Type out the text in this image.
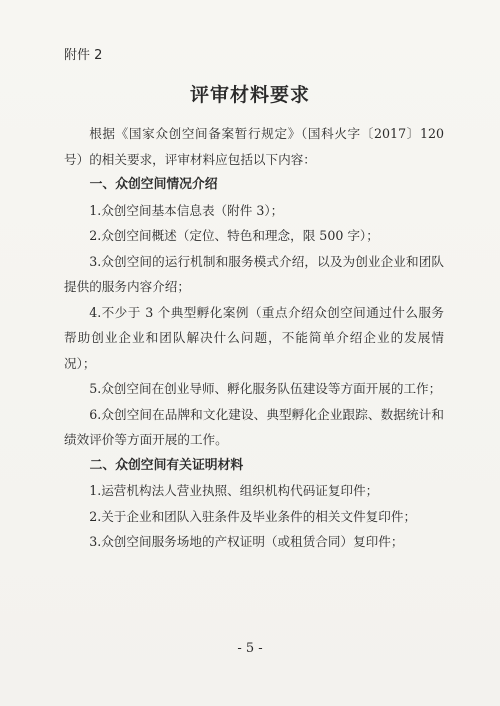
附件 2
评审材料要求

根据《国家众创空间备案暂行规定》（国科火字〔2017〕120 号）的相关要求，评审材料应包括以下内容：

一、众创空间情况介绍

1.众创空间基本信息表（附件 3）；

2.众创空间概述（定位、特色和理念，限 500 字）；

3.众创空间的运行机制和服务模式介绍，以及为创业企业和团队提供的服务内容介绍；

4.不少于 3 个典型孵化案例（重点介绍众创空间通过什么服务帮助创业企业和团队解决什么问题，不能简单介绍企业的发展情况）；

5.众创空间在创业导师、孵化服务队伍建设等方面开展的工作；

6.众创空间在品牌和文化建设、典型孵化企业跟踪、数据统计和绩效评价等方面开展的工作。

二、众创空间有关证明材料

1.运营机构法人营业执照、组织机构代码证复印件；

2.关于企业和团队入驻条件及毕业条件的相关文件复印件；

3.众创空间服务场地的产权证明（或租赁合同）复印件；

- 5 -
